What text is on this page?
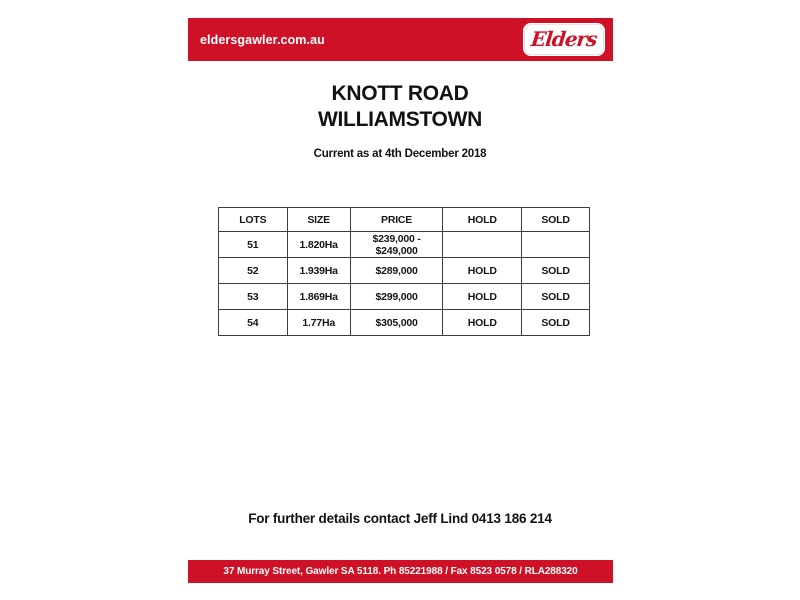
eldersgawler.com.au	Elders
KNOTT ROAD
WILLIAMSTOWN
Current as at 4th December 2018
LOTS	SIZE	PRICE	HOLD	SOLD
51	1.820Ha	$239,000 - $249,000		
52	1.939Ha	$289,000	HOLD	SOLD
53	1.869Ha	$299,000	HOLD	SOLD
54	1.77Ha	$305,000	HOLD	SOLD
For further details contact Jeff Lind 0413 186 214
37 Murray Street, Gawler SA 5118. Ph 85221988 / Fax 8523 0578 / RLA288320
